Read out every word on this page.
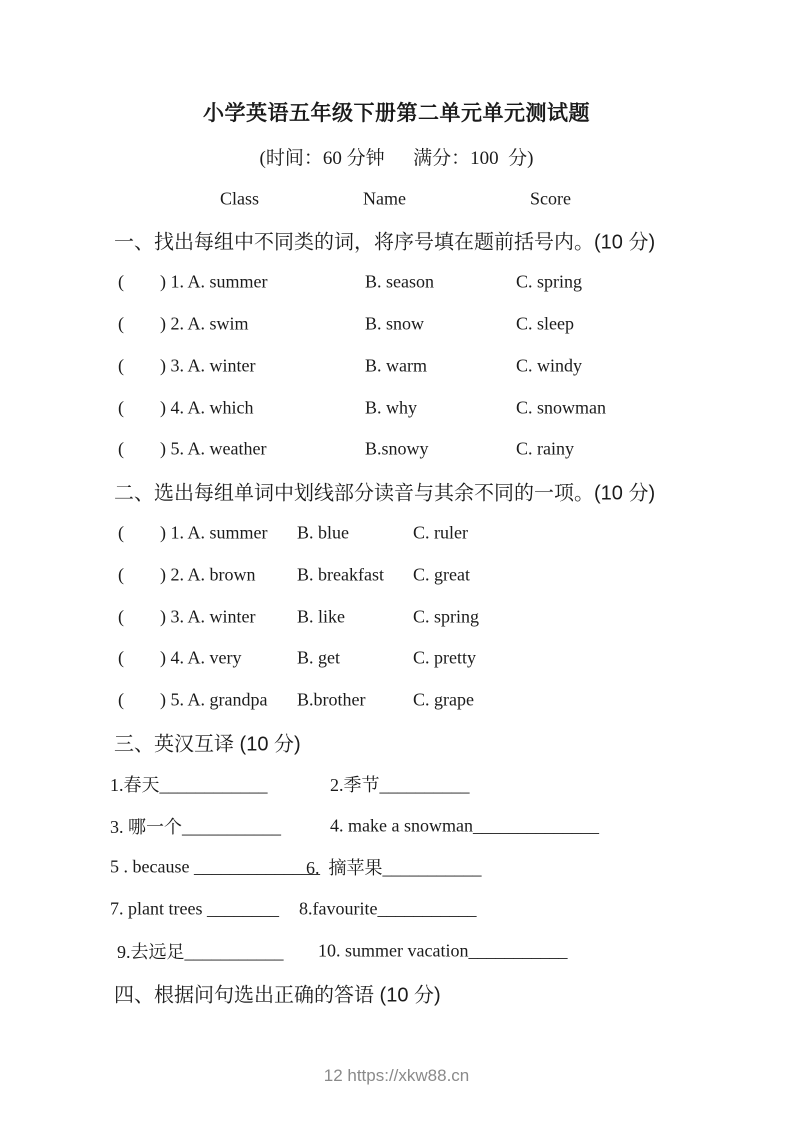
小学英语五年级下册第二单元单元测试题
(时间：60 分钟      满分：100  分)
Class	Name	Score
一、找出每组中不同类的词，将序号填在题前括号内。(10 分)
(        ) 1. A. summer	B. season	C. spring
(        ) 2. A. swim	B. snow	C. sleep
(        ) 3. A. winter	B. warm	C. windy
(        ) 4. A. which	B. why	C. snowman
(        ) 5. A. weather	B.snowy	C. rainy
二、选出每组单词中划线部分读音与其余不同的一项。(10 分)
(        ) 1. A. summer B. blue	C. ruler
(        ) 2. A. brown B. breakfast C. great
(        ) 3. A. winter B. like	C. spring
(        ) 4. A. very	B. get	C. pretty
(        ) 5. A. grandpa B.brother	C. grape
三、英汉互译 (10 分)
1.春天____________	2.季节__________
3. 哪一个___________	4. make a snowman______________
5 . because ______________
6.  摘苹果___________
7. plant trees ________ 8.favourite___________
9.去远足___________ 10. summer vacation___________
四、根据问句选出正确的答语 (10 分)
12 https://xkw88.cn
